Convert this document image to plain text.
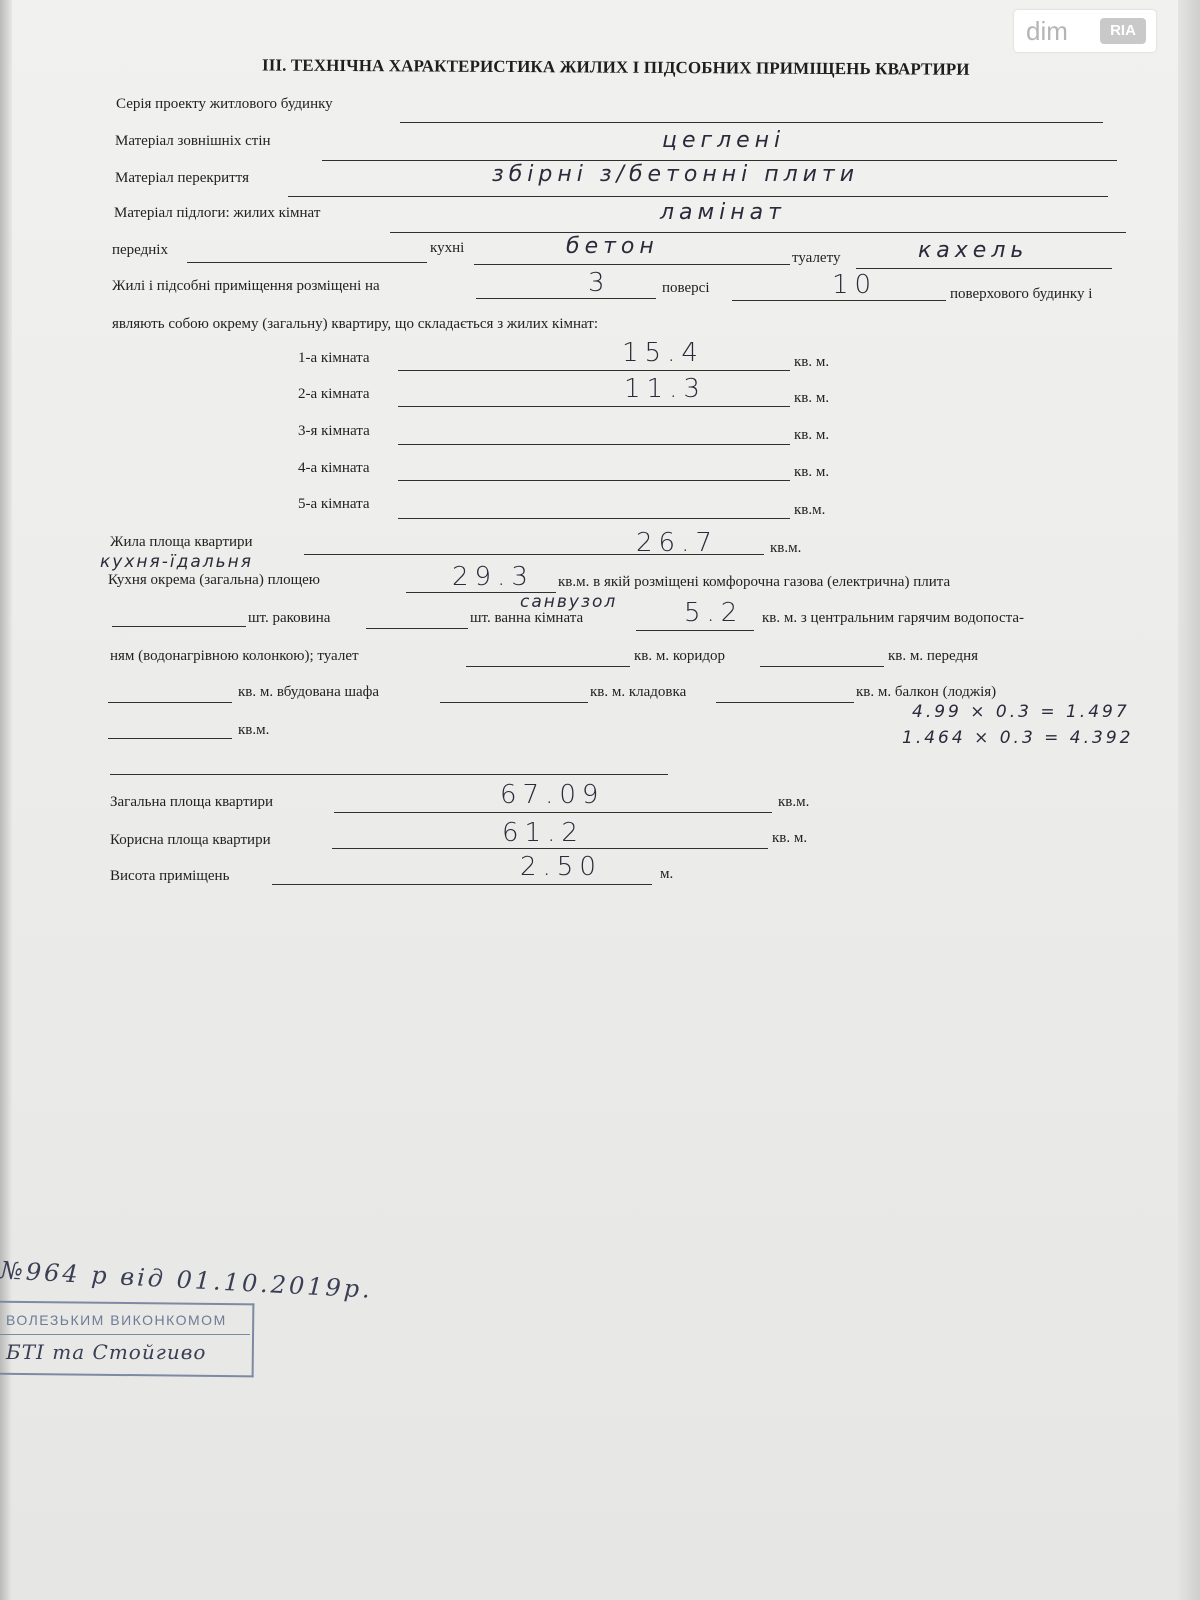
dim	RIA
III. ТЕХНІЧНА ХАРАКТЕРИСТИКА ЖИЛИХ І ПІДСОБНИХ ПРИМІЩЕНЬ КВАРТИРИ
Серія проекту житлового будинку
Матеріал зовнішніх стін	цеглені
Матеріал перекриття	збірні з/бетонні плити
Матеріал підлоги: жилих кімнат	ламінат
передніх	кухні	бетон	туалету	кахель
Жилі і підсобні приміщення розміщені на	3	поверсі	10	поверхового будинку і
являють собою окрему (загальну) квартиру, що складається з жилих кімнат:
1-а кімната	15.4	кв. м.
2-а кімната	11.3	кв. м.
3-я кімната	кв. м.
4-а кімната	кв. м.
5-а кімната	кв.м.
Жила площа квартири	26.7	кв.м.
кухня-їдальня
Кухня окрема (загальна) площею	29.3 кв.м. в якій розміщені комфорочна газова (електрична) плита
шт. раковина	шт. ванна кімната
санвузол	5.2 кв. м. з центральним гарячим водопоста-
ням (водонагрівною колонкою); туалет	кв. м. коридор	кв. м. передня
кв. м. вбудована шафа	кв. м. кладовка	кв. м. балкон (лоджія)
4.99 × 0.3 = 1.497
1.464 × 0.3 = 4.392
кв.м.
Загальна площа квартири	67.09	кв.м.
Корисна площа квартири	61.2	кв. м.
Висота приміщень	2.50	м.
№964 р від 01.10.2019р.
ВОЛЕЗЬКИМ ВИКОНКОМОМ
БТІ та Стойгиво
